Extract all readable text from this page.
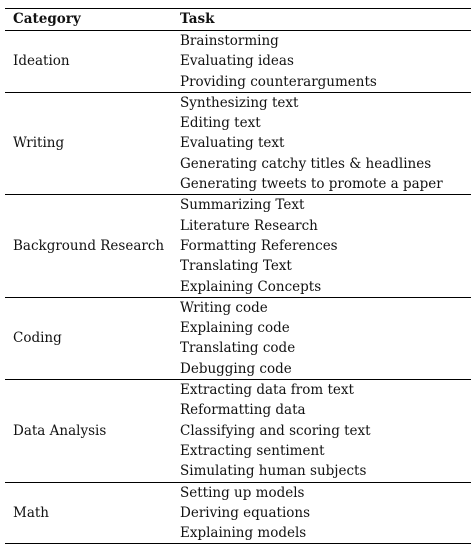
Category	Task
Ideation	Brainstorming
	Evaluating ideas
	Providing counterarguments
Writing	Synthesizing text
	Editing text
	Evaluating text
	Generating catchy titles & headlines
	Generating tweets to promote a paper
Background Research	Summarizing Text
	Literature Research
	Formatting References
	Translating Text
	Explaining Concepts
Coding	Writing code
	Explaining code
	Translating code
	Debugging code
Data Analysis	Extracting data from text
	Reformatting data
	Classifying and scoring text
	Extracting sentiment
	Simulating human subjects
Math	Setting up models
	Deriving equations
	Explaining models
